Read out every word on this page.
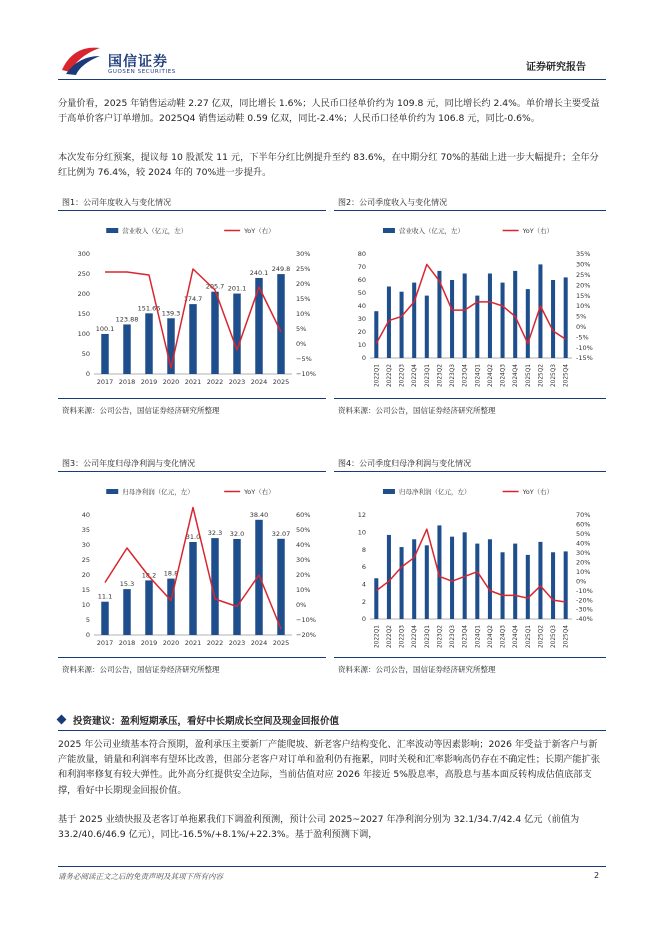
国信证券
GUOSEN SECURITIES	证券研究报告

分量价看，2025 年销售运动鞋 2.27 亿双，同比增长 1.6%；人民币口径单价约为 109.8 元，同比增长约 2.4%。单价增长主要受益于高单价客户订单增加。2025Q4 销售运动鞋 0.59 亿双，同比-2.4%；人民币口径单价约为 106.8 元，同比-0.6%。

本次发布分红预案，提议每 10 股派发 11 元，下半年分红比例提升至约 83.6%，在中期分红 70%的基础上进一步大幅提升；全年分红比例为 76.4%，较 2024 年的 70%进一步提升。

图1：公司年度收入与变化情况
营业收入（亿元，左）	YoY（右）
0
50
100
150
200
250
300
−10%
−5%
0%
5%
10%
15%
20%
25%
30%
100.1
123.88
151.66
139.3
174.7
205.7 201.1
240.1 249.8
2017 2018 2019 2020 2021 2022 2023 2024 2025
资料来源：公司公告，国信证券经济研究所整理
图2：公司季度收入与变化情况
营业收入（亿元，左）	YoY（右）
0
10
20
30
40
50
60
70
80
-15%
-10%
-5%
0%
5%
10%
15%
20%
25%
30%
35%
2022Q1 2022Q2 2022Q3 2022Q4 2023Q1 2023Q2 2023Q3 2023Q4 2024Q1 2024Q2 2024Q3 2024Q4 2025Q1 2025Q2 2025Q3 2025Q4
资料来源：公司公告，国信证券经济研究所整理
图3：公司年度归母净利润与变化情况
归母净利润（亿元，左）	YoY（右）
0
5
10
15
20
25
30
35
40
−20%
−10%
0%
10%
20%
30%
40%
50%
60%
11.1
15.3
18.2 18.8
31.0 32.3 32.0
38.40
32.07
2017 2018 2019 2020 2021 2022 2023 2024 2025
资料来源：公司公告，国信证券经济研究所整理
图4：公司季度归母净利润与变化情况
归母净利润（亿元，左）	YoY（右）
0
2
4
6
8
10
12
-40%
-30%
-20%
-10%
0%
10%
20%
30%
40%
50%
60%
70%
2022Q1 2022Q2 2022Q3 2022Q4 2023Q1 2023Q2 2023Q3 2023Q4 2024Q1 2024Q2 2024Q3 2024Q4 2025Q1 2025Q2 2025Q3 2025Q4
资料来源：公司公告，国信证券经济研究所整理
投资建议：盈利短期承压，看好中长期成长空间及现金回报价值

2025 年公司业绩基本符合预期，盈利承压主要新厂产能爬坡、新老客户结构变化、汇率波动等因素影响；2026 年受益于新客户与新产能放量，销量和利润率有望环比改善，但部分老客户对订单和盈利仍有拖累，同时关税和汇率影响高仍存在不确定性；长期产能扩张和利润率修复有较大弹性。此外高分红提供安全边际，当前估值对应 2026 年接近 5%股息率，高股息与基本面反转构成估值底部支撑，看好中长期现金回报价值。

基于 2025 业绩快报及老客订单拖累我们下调盈利预测，预计公司 2025~2027 年净利润分别为 32.1/34.7/42.4 亿元（前值为 33.2/40.6/46.9 亿元），同比-16.5%/+8.1%/+22.3%。基于盈利预测下调，

请务必阅读正文之后的免责声明及其项下所有内容	2
